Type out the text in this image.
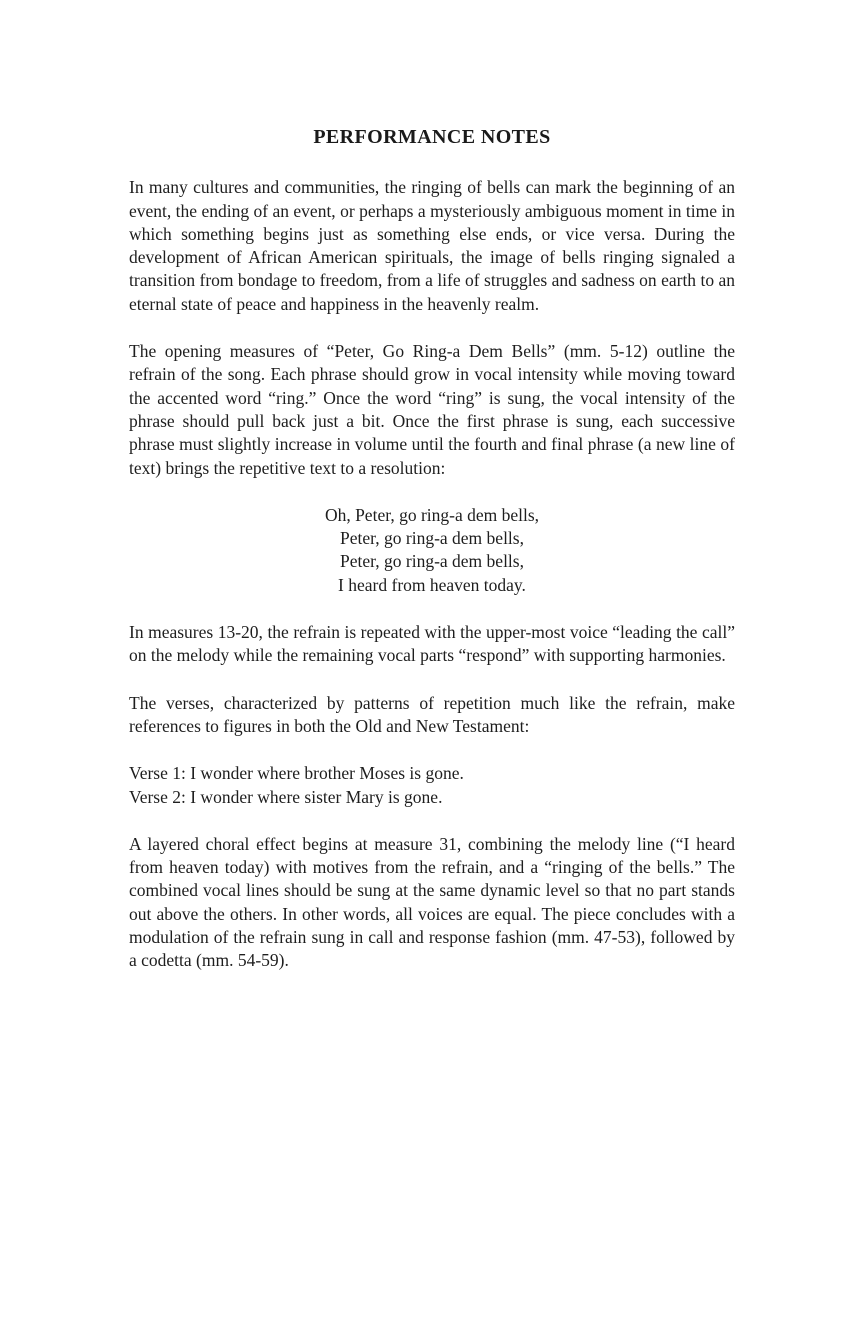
PERFORMANCE NOTES

In many cultures and communities, the ringing of bells can mark the beginning of an event, the ending of an event, or perhaps a mysteriously ambiguous moment in time in which something begins just as something else ends, or vice versa. During the development of African American spirituals, the image of bells ringing signaled a transition from bondage to freedom, from a life of struggles and sadness on earth to an eternal state of peace and happiness in the heavenly realm.

The opening measures of “Peter, Go Ring-a Dem Bells” (mm. 5-12) outline the refrain of the song. Each phrase should grow in vocal intensity while moving toward the accented word “ring.” Once the word “ring” is sung, the vocal intensity of the phrase should pull back just a bit. Once the first phrase is sung, each successive phrase must slightly increase in volume until the fourth and final phrase (a new line of text) brings the repetitive text to a resolution:

Oh, Peter, go ring-a dem bells,
Peter, go ring-a dem bells,
Peter, go ring-a dem bells,
I heard from heaven today.

In measures 13-20, the refrain is repeated with the upper-most voice “leading the call” on the melody while the remaining vocal parts “respond” with supporting harmonies.

The verses, characterized by patterns of repetition much like the refrain, make references to figures in both the Old and New Testament:

Verse 1: I wonder where brother Moses is gone.
Verse 2: I wonder where sister Mary is gone.

A layered choral effect begins at measure 31, combining the melody line (“I heard from heaven today) with motives from the refrain, and a “ringing of the bells.” The combined vocal lines should be sung at the same dynamic level so that no part stands out above the others. In other words, all voices are equal. The piece concludes with a modulation of the refrain sung in call and response fashion (mm. 47-53), followed by a codetta (mm. 54-59).
